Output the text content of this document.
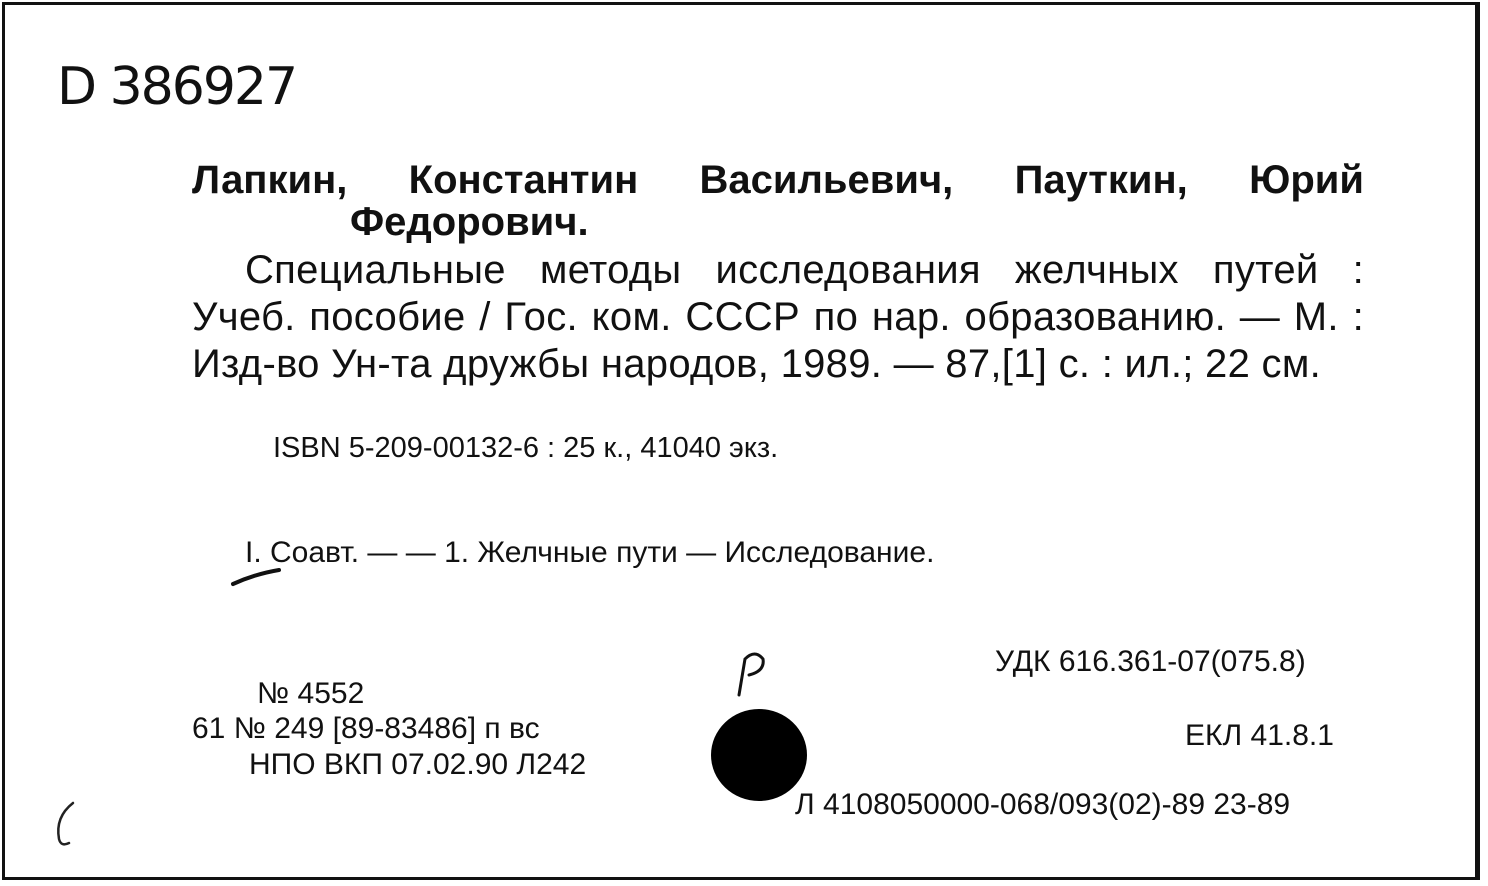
D 386927
Лапкин, Константин Васильевич, Пауткин, Юрий
Федорович.
Специальные методы исследования желчных путей : Учеб. пособие / Гос. ком. СССР по нар. образованию. — М. : Изд-во Ун-та дружбы народов, 1989. — 87,[1] с. : ил.; 22 см.
ISBN 5-209-00132-6 : 25 к., 41040 экз.
I. Соавт. — — 1. Желчные пути — Исследование.
УДК 616.361-07(075.8)
ЕКЛ 41.8.1
№ 4552
61 № 249 [89-83486] п вс
НПО ВКП 07.02.90 Л242
Л 4108050000-068/093(02)-89 23-89
